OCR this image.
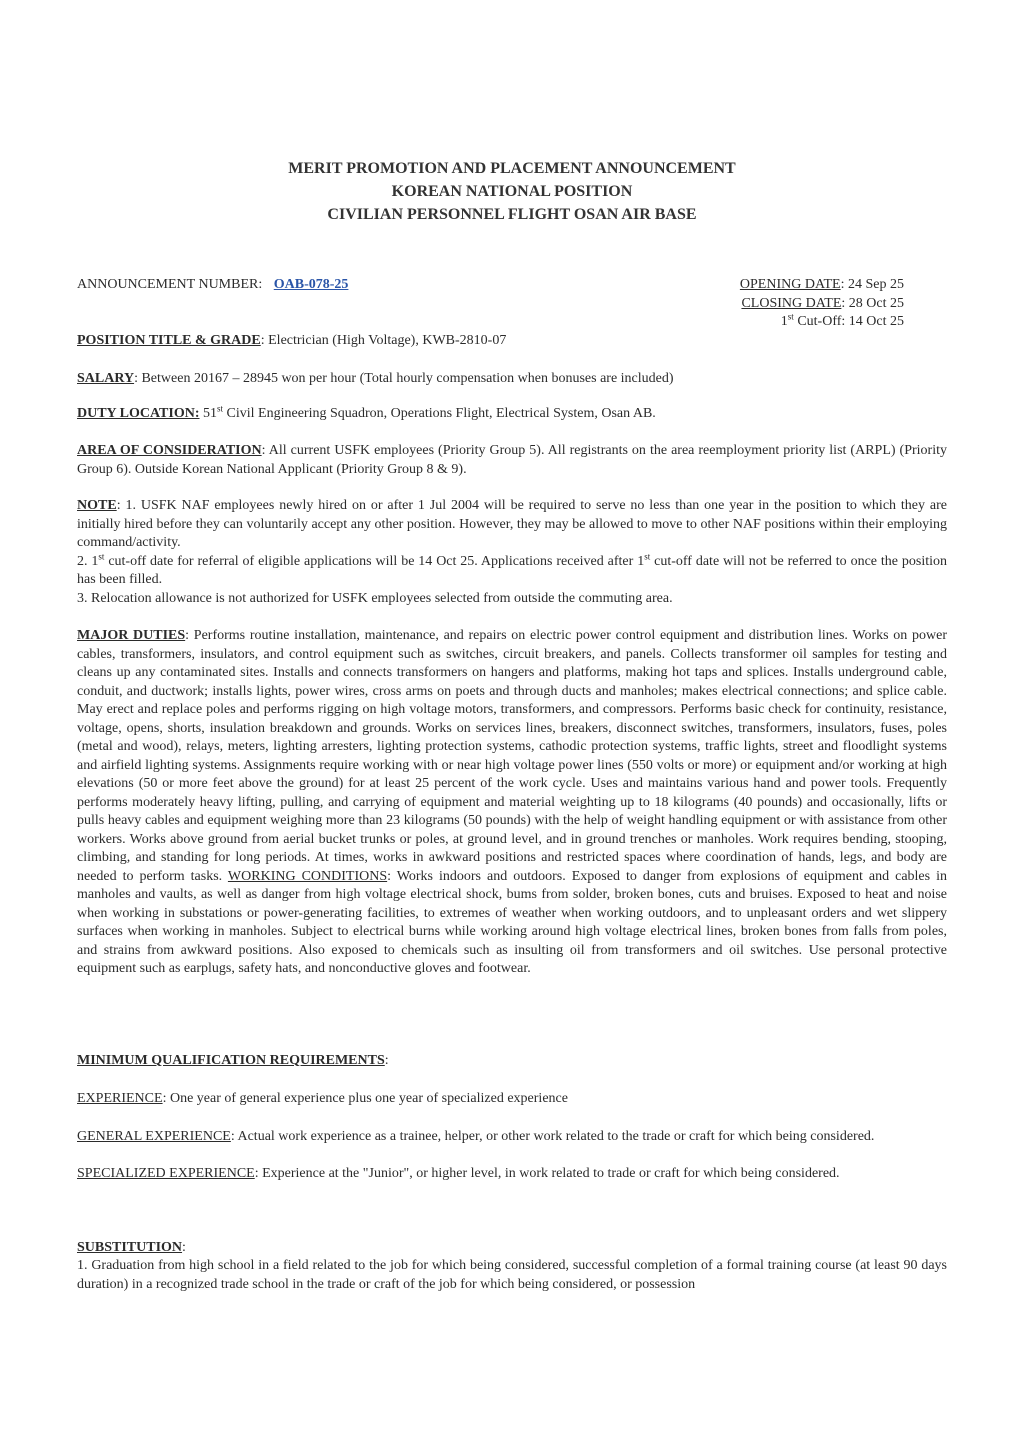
MERIT PROMOTION AND PLACEMENT ANNOUNCEMENT
KOREAN NATIONAL POSITION
CIVILIAN PERSONNEL FLIGHT OSAN AIR BASE
ANNOUNCEMENT NUMBER: OAB-078-25	OPENING DATE: 24 Sep 25
CLOSING DATE: 28 Oct 25
1st Cut-Off: 14 Oct 25
POSITION TITLE & GRADE: Electrician (High Voltage), KWB-2810-07
SALARY: Between 20167 – 28945 won per hour (Total hourly compensation when bonuses are included)
DUTY LOCATION: 51st Civil Engineering Squadron, Operations Flight, Electrical System, Osan AB.
AREA OF CONSIDERATION: All current USFK employees (Priority Group 5). All registrants on the area reemployment priority list (ARPL) (Priority Group 6). Outside Korean National Applicant (Priority Group 8 & 9).

NOTE: 1. USFK NAF employees newly hired on or after 1 Jul 2004 will be required to serve no less than one year in the position to which they are initially hired before they can voluntarily accept any other position. However, they may be allowed to move to other NAF positions within their employing command/activity.

2. 1st cut-off date for referral of eligible applications will be 14 Oct 25. Applications received after 1st cut-off date will not be referred to once the position has been filled.

3. Relocation allowance is not authorized for USFK employees selected from outside the commuting area.

MAJOR DUTIES: Performs routine installation, maintenance, and repairs on electric power control equipment and distribution lines. Works on power cables, transformers, insulators, and control equipment such as switches, circuit breakers, and panels. Collects transformer oil samples for testing and cleans up any contaminated sites. Installs and connects transformers on hangers and platforms, making hot taps and splices. Installs underground cable, conduit, and ductwork; installs lights, power wires, cross arms on poets and through ducts and manholes; makes electrical connections; and splice cable. May erect and replace poles and performs rigging on high voltage motors, transformers, and compressors. Performs basic check for continuity, resistance, voltage, opens, shorts, insulation breakdown and grounds. Works on services lines, breakers, disconnect switches, transformers, insulators, fuses, poles (metal and wood), relays, meters, lighting arresters, lighting protection systems, cathodic protection systems, traffic lights, street and floodlight systems and airfield lighting systems. Assignments require working with or near high voltage power lines (550 volts or more) or equipment and/or working at high elevations (50 or more feet above the ground) for at least 25 percent of the work cycle. Uses and maintains various hand and power tools. Frequently performs moderately heavy lifting, pulling, and carrying of equipment and material weighting up to 18 kilograms (40 pounds) and occasionally, lifts or pulls heavy cables and equipment weighing more than 23 kilograms (50 pounds) with the help of weight handling equipment or with assistance from other workers. Works above ground from aerial bucket trunks or poles, at ground level, and in ground trenches or manholes. Work requires bending, stooping, climbing, and standing for long periods. At times, works in awkward positions and restricted spaces where coordination of hands, legs, and body are needed to perform tasks. WORKING CONDITIONS: Works indoors and outdoors. Exposed to danger from explosions of equipment and cables in manholes and vaults, as well as danger from high voltage electrical shock, bums from solder, broken bones, cuts and bruises. Exposed to heat and noise when working in substations or power-generating facilities, to extremes of weather when working outdoors, and to unpleasant orders and wet slippery surfaces when working in manholes. Subject to electrical burns while working around high voltage electrical lines, broken bones from falls from poles, and strains from awkward positions. Also exposed to chemicals such as insulting oil from transformers and oil switches. Use personal protective equipment such as earplugs, safety hats, and nonconductive gloves and footwear.
MINIMUM QUALIFICATION REQUIREMENTS:
EXPERIENCE: One year of general experience plus one year of specialized experience
GENERAL EXPERIENCE: Actual work experience as a trainee, helper, or other work related to the trade or craft for which being considered.
SPECIALIZED EXPERIENCE: Experience at the "Junior", or higher level, in work related to trade or craft for which being considered.
SUBSTITUTION:
1. Graduation from high school in a field related to the job for which being considered, successful completion of a formal training course (at least 90 days duration) in a recognized trade school in the trade or craft of the job for which being considered, or possession
